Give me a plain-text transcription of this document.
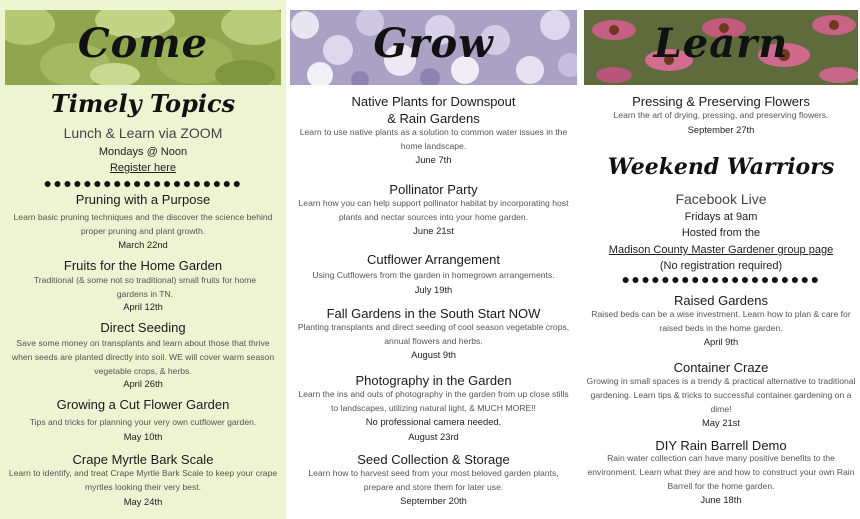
Come
Timely Topics
Lunch & Learn via ZOOM
Mondays @ Noon
Register here
●●●●●●●●●●●●●●●●●●●●
Pruning with a Purpose
Learn basic pruning techniques and the discover the science behind proper pruning and plant growth.
March 22nd
Fruits for the Home Garden
Traditional (& some not so traditional) small fruits for home gardens in TN.
April 12th
Direct Seeding
Save some money on transplants and learn about those that thrive when seeds are planted directly into soil. WE will cover warm season vegetable crops, & herbs.
April 26th
Growing a Cut Flower Garden
Tips and tricks for planning your very own cutflower garden.
May 10th
Crape Myrtle Bark Scale
Learn to identify, and treat Crape Myrtle Bark Scale to keep your crape myrtles looking their very best.
May 24th
Grow
Native Plants for Downspout
& Rain Gardens
Learn to use native plants as a solution to common water issues in the home landscape.
June 7th
Pollinator Party
Learn how you can help support pollinator habitat by incorporating host plants and nectar sources into your home garden.
June 21st
Cutflower Arrangement
Using Cutflowers from the garden in homegrown arrangements.
July 19th
Fall Gardens in the South Start NOW
Planting transplants and direct seeding of cool season vegetable crops, annual flowers and herbs.
August 9th
Photography in the Garden
Learn the ins and outs of photography in the garden from up close stills to landscapes, utilizing natural light, & MUCH MORE!!
No professional camera needed.
August 23rd
Seed Collection & Storage
Learn how to harvest seed from your most beloved garden plants, prepare and store them for later use.
September 20th
Learn
Pressing & Preserving Flowers
Learn the art of drying, pressing, and preserving flowers.
September 27th
Weekend Warriors
Facebook Live
Fridays at 9am
Hosted from the
Madison County Master Gardener group page
(No registration required)
●●●●●●●●●●●●●●●●●●●●
Raised Gardens
Raised beds can be a wise investment. Learn how to plan & care for raised beds in the home garden.
April 9th
Container Craze
Growing in small spaces is a trendy & practical alternative to traditional gardening. Learn tips & tricks to successful container gardening on a dime!
May 21st
DIY Rain Barrell Demo
Rain water collection can have many positive benefits to the environment. Learn what they are and how to construct your own Rain Barrell for the home garden.
June 18th
